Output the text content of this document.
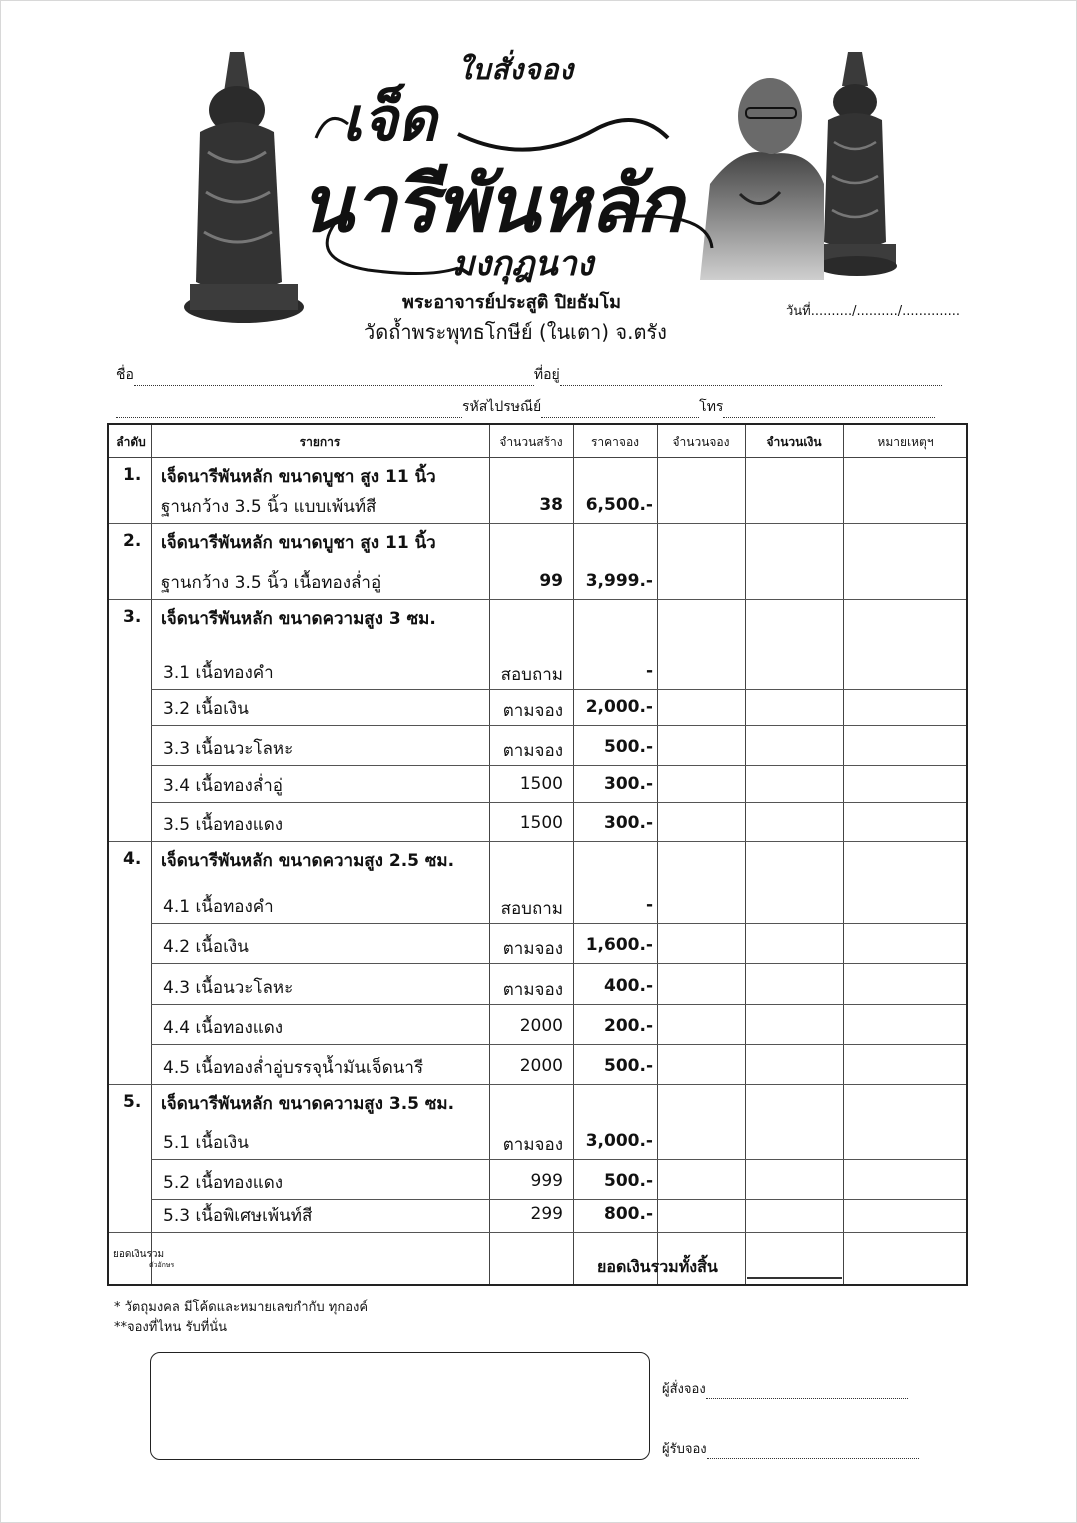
ใบสั่งจอง
เจ็ด
นารีพันหลัก
มงกุฎนาง
พระอาจารย์ประสูติ ปิยธัมโม
วัดถ้ำพระพุทธโกษีย์ (ในเตา) จ.ตรัง
วันที่........../........../..............
ชื่อ	ที่อยู่
รหัสไปรษณีย์	โทร
ลำดับ	รายการ	จำนวนสร้าง	ราคาจอง	จำนวนจอง	จำนวนเงิน	หมายเหตุฯ
1. เจ็ดนารีพันหลัก ขนาดบูชา สูง 11 นิ้ว
ฐานกว้าง 3.5 นิ้ว แบบเพ้นท์สี	38	6,500.-
2. เจ็ดนารีพันหลัก ขนาดบูชา สูง 11 นิ้ว
ฐานกว้าง 3.5 นิ้ว เนื้อทองล่ำอู่	99	3,999.-
3. เจ็ดนารีพันหลัก ขนาดความสูง 3 ซม.
3.1 เนื้อทองคำ	สอบถาม	-
3.2 เนื้อเงิน	ตามจอง	2,000.-
3.3 เนื้อนวะโลหะ	ตามจอง	500.-
3.4 เนื้อทองล่ำอู่	1500	300.-
3.5 เนื้อทองแดง	1500	300.-
4. เจ็ดนารีพันหลัก ขนาดความสูง 2.5 ซม.
4.1 เนื้อทองคำ	สอบถาม	-
4.2 เนื้อเงิน	ตามจอง	1,600.-
4.3 เนื้อนวะโลหะ	ตามจอง	400.-
4.4 เนื้อทองแดง	2000	200.-
4.5 เนื้อทองล่ำอู่บรรจุน้ำมันเจ็ดนารี	2000	500.-
5. เจ็ดนารีพันหลัก ขนาดความสูง 3.5 ซม.
5.1 เนื้อเงิน	ตามจอง	3,000.-
5.2 เนื้อทองแดง	999	500.-
5.3 เนื้อพิเศษเพ้นท์สี	299	800.-
ยอดเงินรวม
ตัวอักษร	ยอดเงินรวมทั้งสิ้น
* วัตถุมงคล มีโค้ดและหมายเลขกำกับ ทุกองค์
**จองที่ไหน รับที่นั่น
ผู้สั่งจอง
ผู้รับจอง
